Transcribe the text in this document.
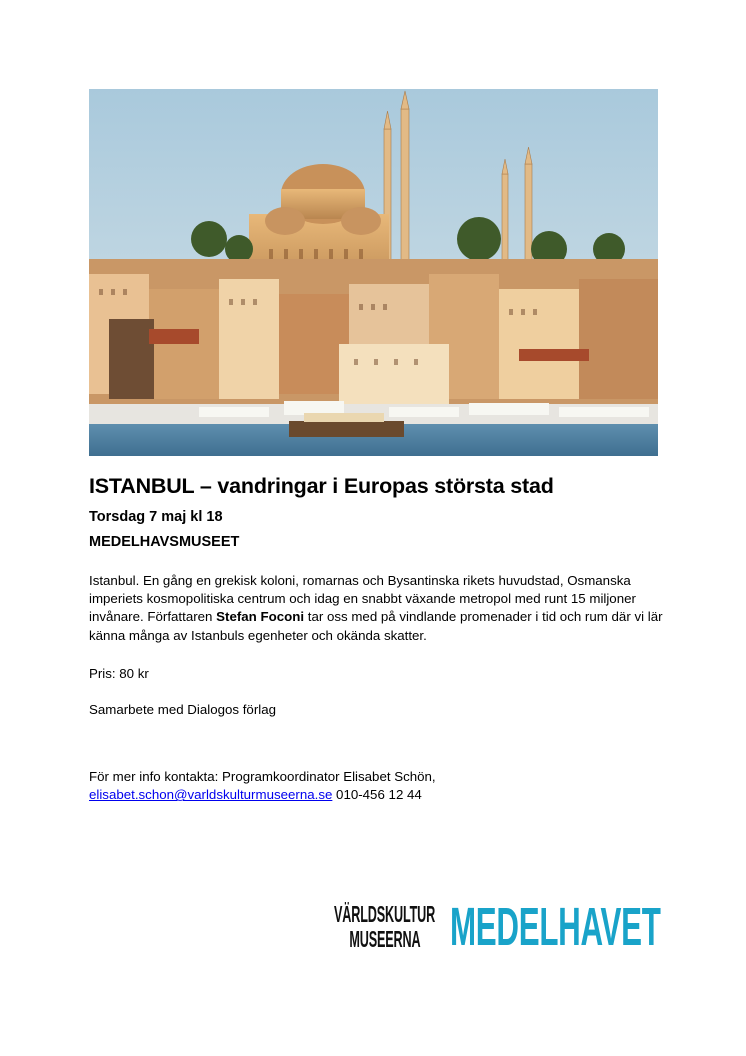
ISTANBUL – vandringar i Europas största stad

Torsdag 7 maj kl 18

MEDELHAVSMUSEET

Istanbul. En gång en grekisk koloni, romarnas och Bysantinska rikets huvudstad, Osmanska imperiets kosmopolitiska centrum och idag en snabbt växande metropol med runt 15 miljoner invånare. Författaren Stefan Foconi tar oss med på vindlande promenader i tid och rum där vi lär känna många av Istanbuls egenheter och okända skatter.

Pris: 80 kr

Samarbete med Dialogos förlag

För mer info kontakta: Programkoordinator Elisabet Schön,
elisabet.schon@varldskulturmuseerna.se 010-456 12 44

VÄRLDSKULTUR
MUSEERNA MEDELHAVET
